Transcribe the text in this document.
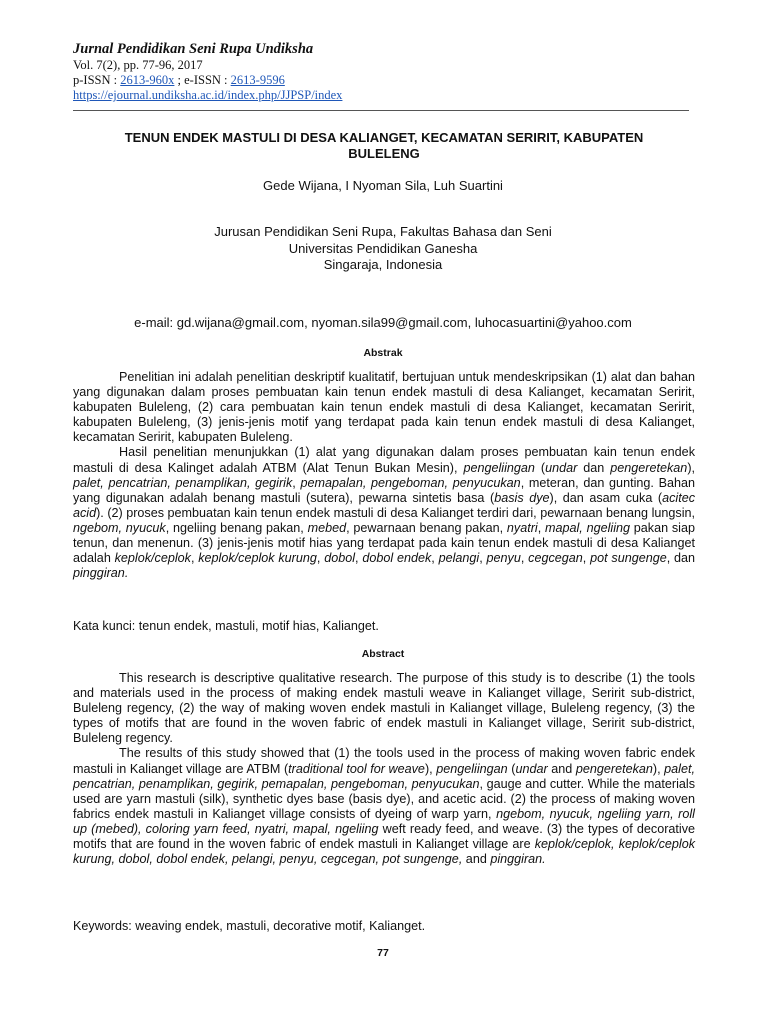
Jurnal Pendidikan Seni Rupa Undiksha
Vol. 7(2), pp. 77-96, 2017
p-ISSN : 2613-960x ; e-ISSN : 2613-9596
https://ejournal.undiksha.ac.id/index.php/JJPSP/index
TENUN ENDEK MASTULI DI DESA KALIANGET, KECAMATAN SERIRIT, KABUPATEN BULELENG
Gede Wijana, I Nyoman Sila, Luh Suartini
Jurusan Pendidikan Seni Rupa, Fakultas Bahasa dan Seni
Universitas Pendidikan Ganesha
Singaraja, Indonesia
e-mail: gd.wijana@gmail.com, nyoman.sila99@gmail.com, luhocasuartini@yahoo.com
Abstrak

Penelitian ini adalah penelitian deskriptif kualitatif, bertujuan untuk mendeskripsikan (1) alat dan bahan yang digunakan dalam proses pembuatan kain tenun endek mastuli di desa Kalianget, kecamatan Seririt, kabupaten Buleleng, (2) cara pembuatan kain tenun endek mastuli di desa Kalianget, kecamatan Seririt, kabupaten Buleleng, (3) jenis-jenis motif yang terdapat pada kain tenun endek mastuli di desa Kalianget, kecamatan Seririt, kabupaten Buleleng.

Hasil penelitian menunjukkan (1) alat yang digunakan dalam proses pembuatan kain tenun endek mastuli di desa Kalinget adalah ATBM (Alat Tenun Bukan Mesin), pengeliingan (undar dan pengeretekan), palet, pencatrian, penamplikan, gegirik, pemapalan, pengeboman, penyucukan, meteran, dan gunting. Bahan yang digunakan adalah benang mastuli (sutera), pewarna sintetis basa (basis dye), dan asam cuka (acitec acid). (2) proses pembuatan kain tenun endek mastuli di desa Kalianget terdiri dari, pewarnaan benang lungsin, ngebom, nyucuk, ngeliing benang pakan, mebed, pewarnaan benang pakan, nyatri, mapal, ngeliing pakan siap tenun, dan menenun. (3) jenis-jenis motif hias yang terdapat pada kain tenun endek mastuli di desa Kalianget adalah keplok/ceplok, keplok/ceplok kurung, dobol, dobol endek, pelangi, penyu, cegcegan, pot sungenge, dan pinggiran.

Kata kunci: tenun endek, mastuli, motif hias, Kalianget.
Abstract

This research is descriptive qualitative research. The purpose of this study is to describe (1) the tools and materials used in the process of making endek mastuli weave in Kalianget village, Seririt sub-district, Buleleng regency, (2) the way of making woven endek mastuli in Kalianget village, Buleleng regency, (3) the types of motifs that are found in the woven fabric of endek mastuli in Kalianget village, Seririt sub-district, Buleleng regency.

The results of this study showed that (1) the tools used in the process of making woven fabric endek mastuli in Kalianget village are ATBM (traditional tool for weave), pengeliingan (undar and pengeretekan), palet, pencatrian, penamplikan, gegirik, pemapalan, pengeboman, penyucukan, gauge and cutter. While the materials used are yarn mastuli (silk), synthetic dyes base (basis dye), and acetic acid. (2) the process of making woven fabrics endek mastuli in Kalianget village consists of dyeing of warp yarn, ngebom, nyucuk, ngeliing yarn, roll up (mebed), coloring yarn feed, nyatri, mapal, ngeliing weft ready feed, and weave. (3) the types of decorative motifs that are found in the woven fabric of endek mastuli in Kalianget village are keplok/ceplok, keplok/ceplok kurung, dobol, dobol endek, pelangi, penyu, cegcegan, pot sungenge, and pinggiran.

Keywords: weaving endek, mastuli, decorative motif, Kalianget.
77
